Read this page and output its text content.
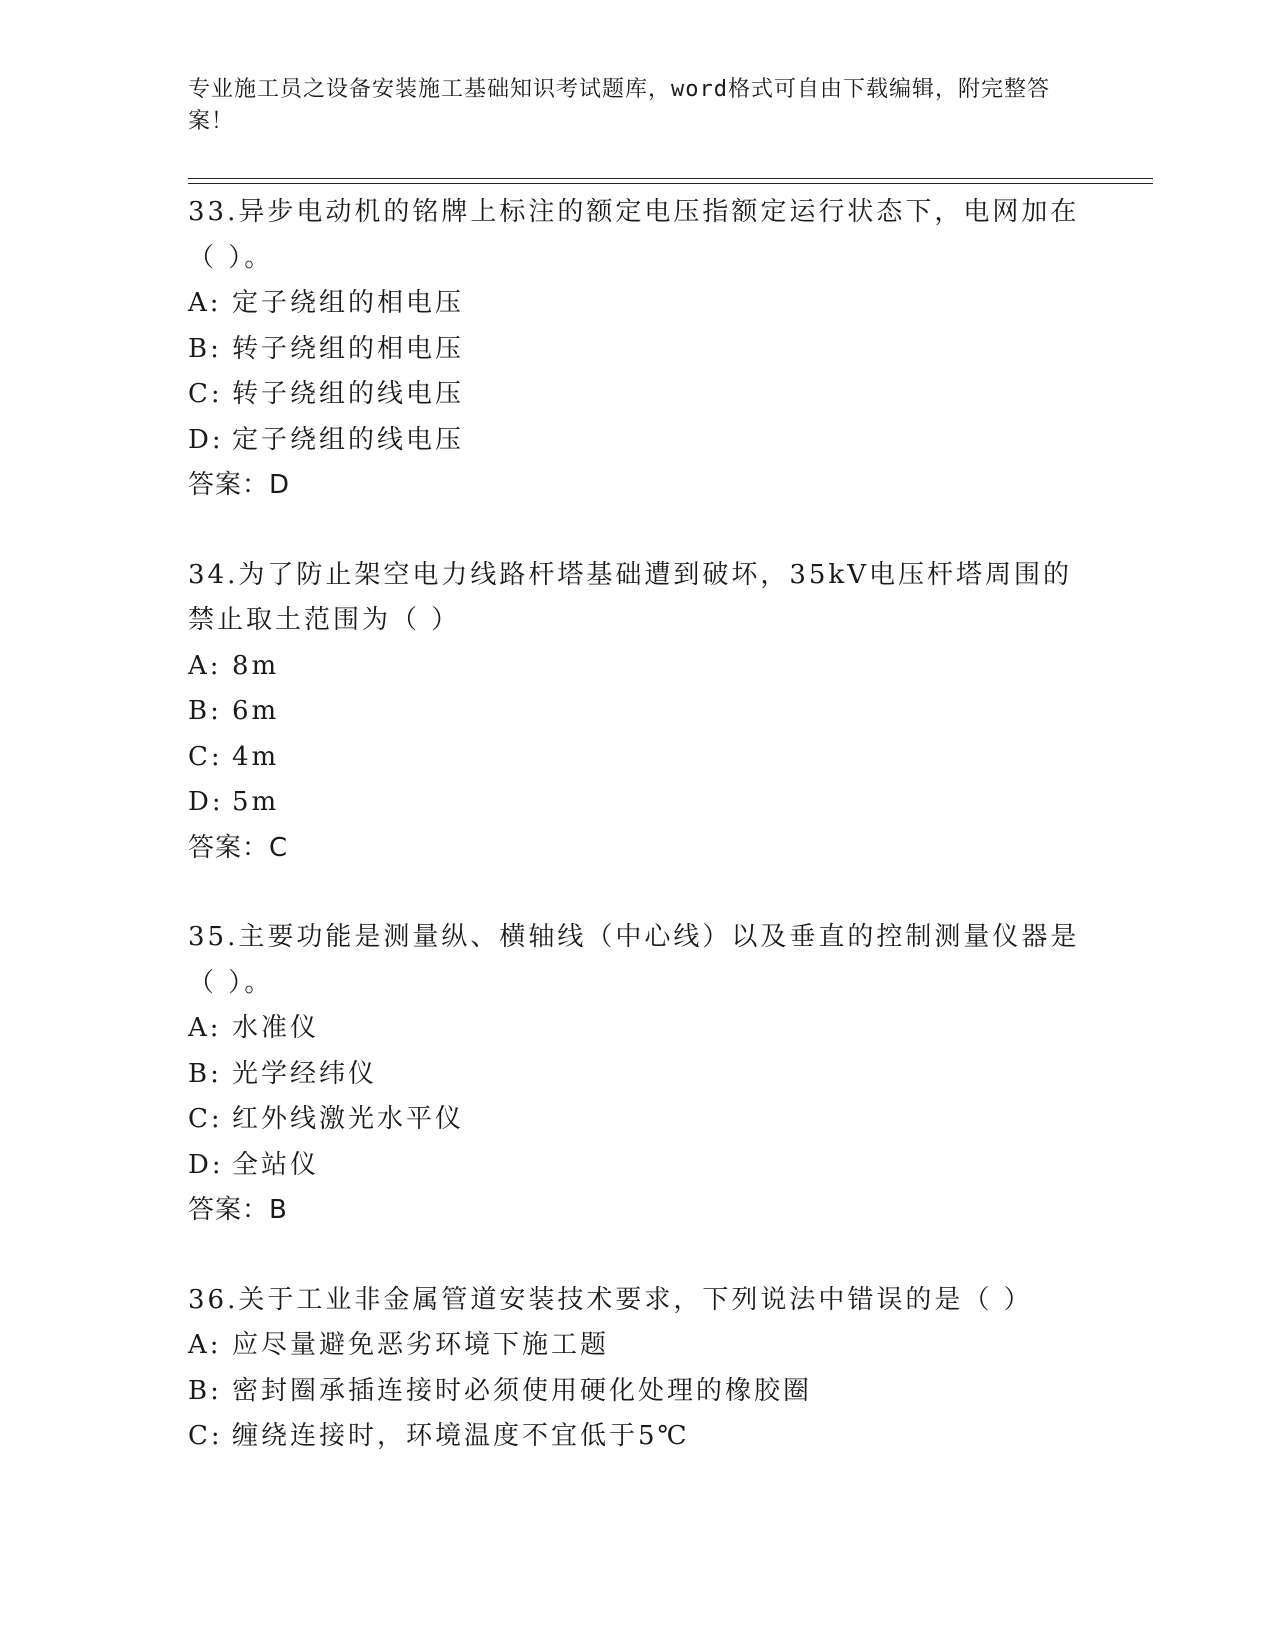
专业施工员之设备安装施工基础知识考试题库，word格式可自由下载编辑，附完整答案！

33.异步电动机的铭牌上标注的额定电压指额定运行状态下，电网加在（ ）。

A: 定子绕组的相电压

B: 转子绕组的相电压

C: 转子绕组的线电压

D: 定子绕组的线电压

答案：D

34.为了防止架空电力线路杆塔基础遭到破坏，35kV电压杆塔周围的禁止取土范围为（ ）

A: 8m

B: 6m

C: 4m

D: 5m

答案：C

35.主要功能是测量纵、横轴线（中心线）以及垂直的控制测量仪器是（ ）。

A: 水准仪

B: 光学经纬仪

C: 红外线激光水平仪

D: 全站仪

答案：B

36.关于工业非金属管道安装技术要求，下列说法中错误的是（ ）

A: 应尽量避免恶劣环境下施工题

B: 密封圈承插连接时必须使用硬化处理的橡胶圈

C: 缠绕连接时，环境温度不宜低于5℃
